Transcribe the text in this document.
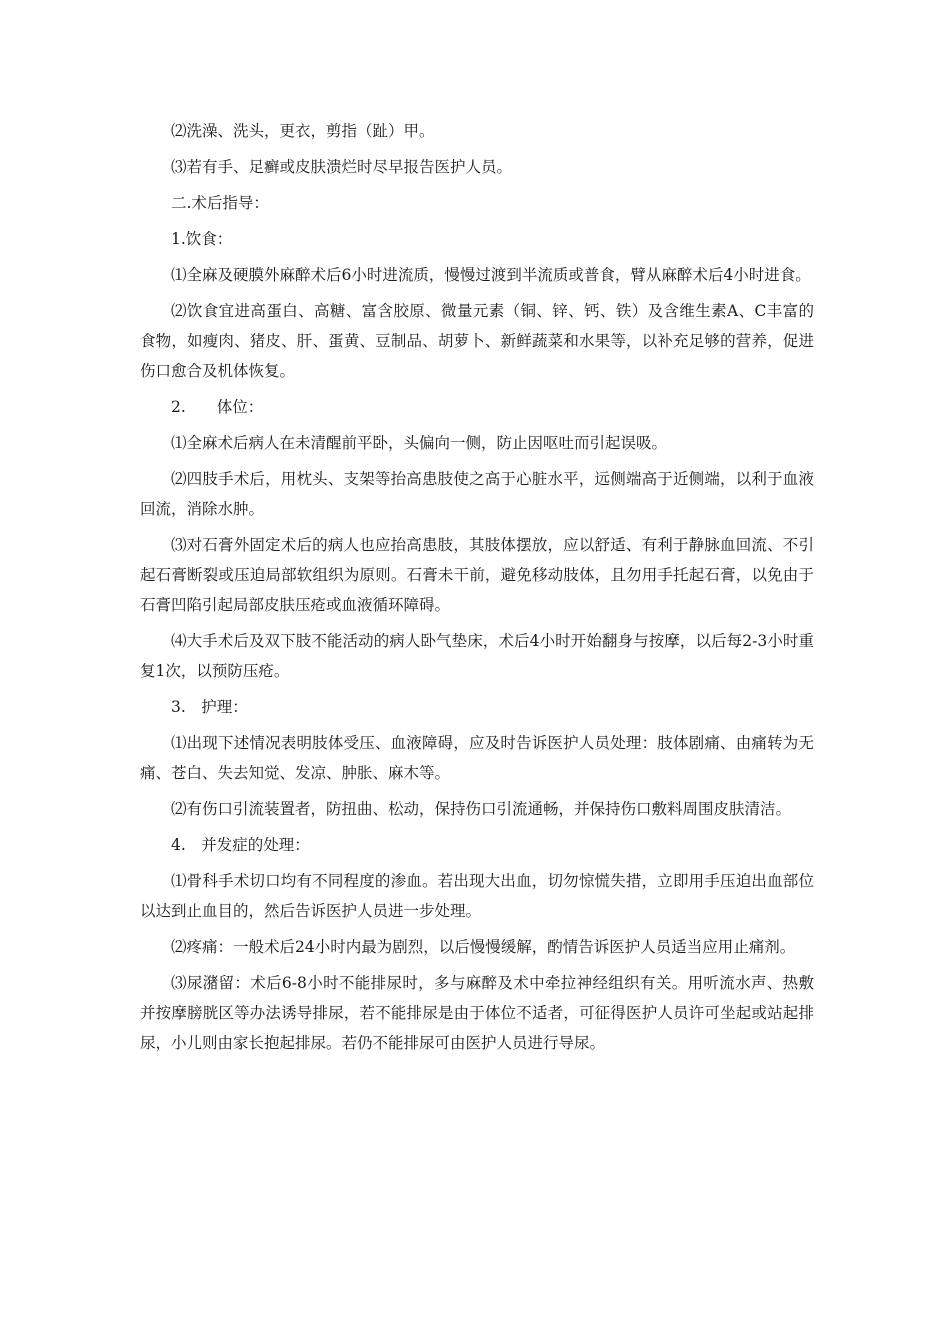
⑵洗澡、洗头，更衣，剪指（趾）甲。

⑶若有手、足癣或皮肤溃烂时尽早报告医护人员。

二.术后指导：

1.饮食：

⑴全麻及硬膜外麻醉术后6小时进流质，慢慢过渡到半流质或普食，臂从麻醉术后4小时进食。

⑵饮食宜进高蛋白、高糖、富含胶原、微量元素（铜、锌、钙、铁）及含维生素A、C丰富的食物，如瘦肉、猪皮、肝、蛋黄、豆制品、胡萝卜、新鲜蔬菜和水果等，以补充足够的营养，促进伤口愈合及机体恢复。

2.　　体位：

⑴全麻术后病人在未清醒前平卧，头偏向一侧，防止因呕吐而引起误吸。

⑵四肢手术后，用枕头、支架等抬高患肢使之高于心脏水平，远侧端高于近侧端，以利于血液回流，消除水肿。

⑶对石膏外固定术后的病人也应抬高患肢，其肢体摆放，应以舒适、有利于静脉血回流、不引起石膏断裂或压迫局部软组织为原则。石膏未干前，避免移动肢体，且勿用手托起石膏，以免由于石膏凹陷引起局部皮肤压疮或血液循环障碍。

⑷大手术后及双下肢不能活动的病人卧气垫床，术后4小时开始翻身与按摩，以后每2-3小时重复1次，以预防压疮。

3.　护理：

⑴出现下述情况表明肢体受压、血液障碍，应及时告诉医护人员处理：肢体剧痛、由痛转为无痛、苍白、失去知觉、发凉、肿胀、麻木等。

⑵有伤口引流装置者，防扭曲、松动，保持伤口引流通畅，并保持伤口敷料周围皮肤清洁。

4.　并发症的处理：

⑴骨科手术切口均有不同程度的渗血。若出现大出血，切勿惊慌失措，立即用手压迫出血部位以达到止血目的，然后告诉医护人员进一步处理。

⑵疼痛：一般术后24小时内最为剧烈，以后慢慢缓解，酌情告诉医护人员适当应用止痛剂。

⑶尿潴留：术后6-8小时不能排尿时，多与麻醉及术中牵拉神经组织有关。用听流水声、热敷并按摩膀胱区等办法诱导排尿，若不能排尿是由于体位不适者，可征得医护人员许可坐起或站起排尿，小儿则由家长抱起排尿。若仍不能排尿可由医护人员进行导尿。
